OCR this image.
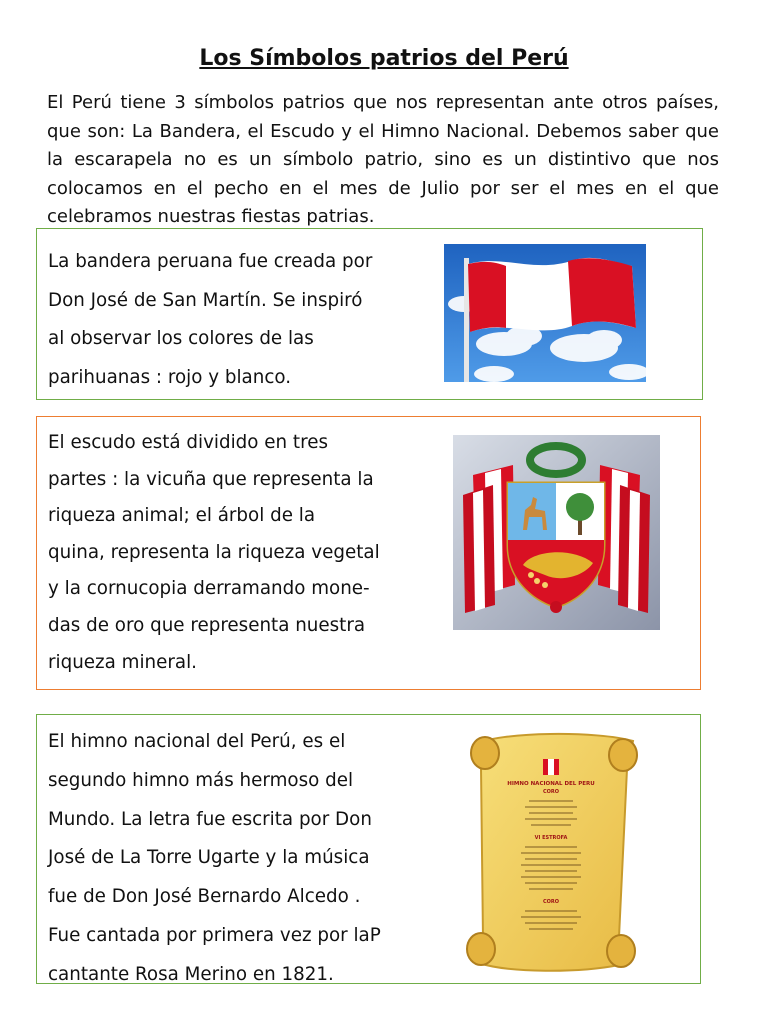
Los Símbolos patrios del Perú

El Perú tiene 3 símbolos patrios que nos representan ante otros países, que son: La Bandera, el Escudo y el Himno Nacional. Debemos saber que la escarapela no es un símbolo patrio, sino es un distintivo que nos colocamos en el pecho en el mes de Julio por ser el mes en el que celebramos nuestras fiestas patrias.

La bandera peruana fue creada por

Don José de San Martín. Se inspiró

al observar los colores de las

parihuanas : rojo y blanco.

El escudo está dividido en tres

partes : la vicuña que representa la

riqueza animal; el árbol de la

quina, representa la riqueza vegetal

y la cornucopia derramando mone-

das de oro que representa nuestra

riqueza mineral.

El himno nacional del Perú, es el

segundo himno más hermoso del

Mundo. La letra fue escrita por Don

José de La Torre Ugarte y la música

fue de Don José Bernardo Alcedo .

Fue cantada por primera vez por laP

cantante Rosa Merino en 1821.

HIMNO NACIONAL DEL PERU
CORO
VI ESTROFA
CORO
